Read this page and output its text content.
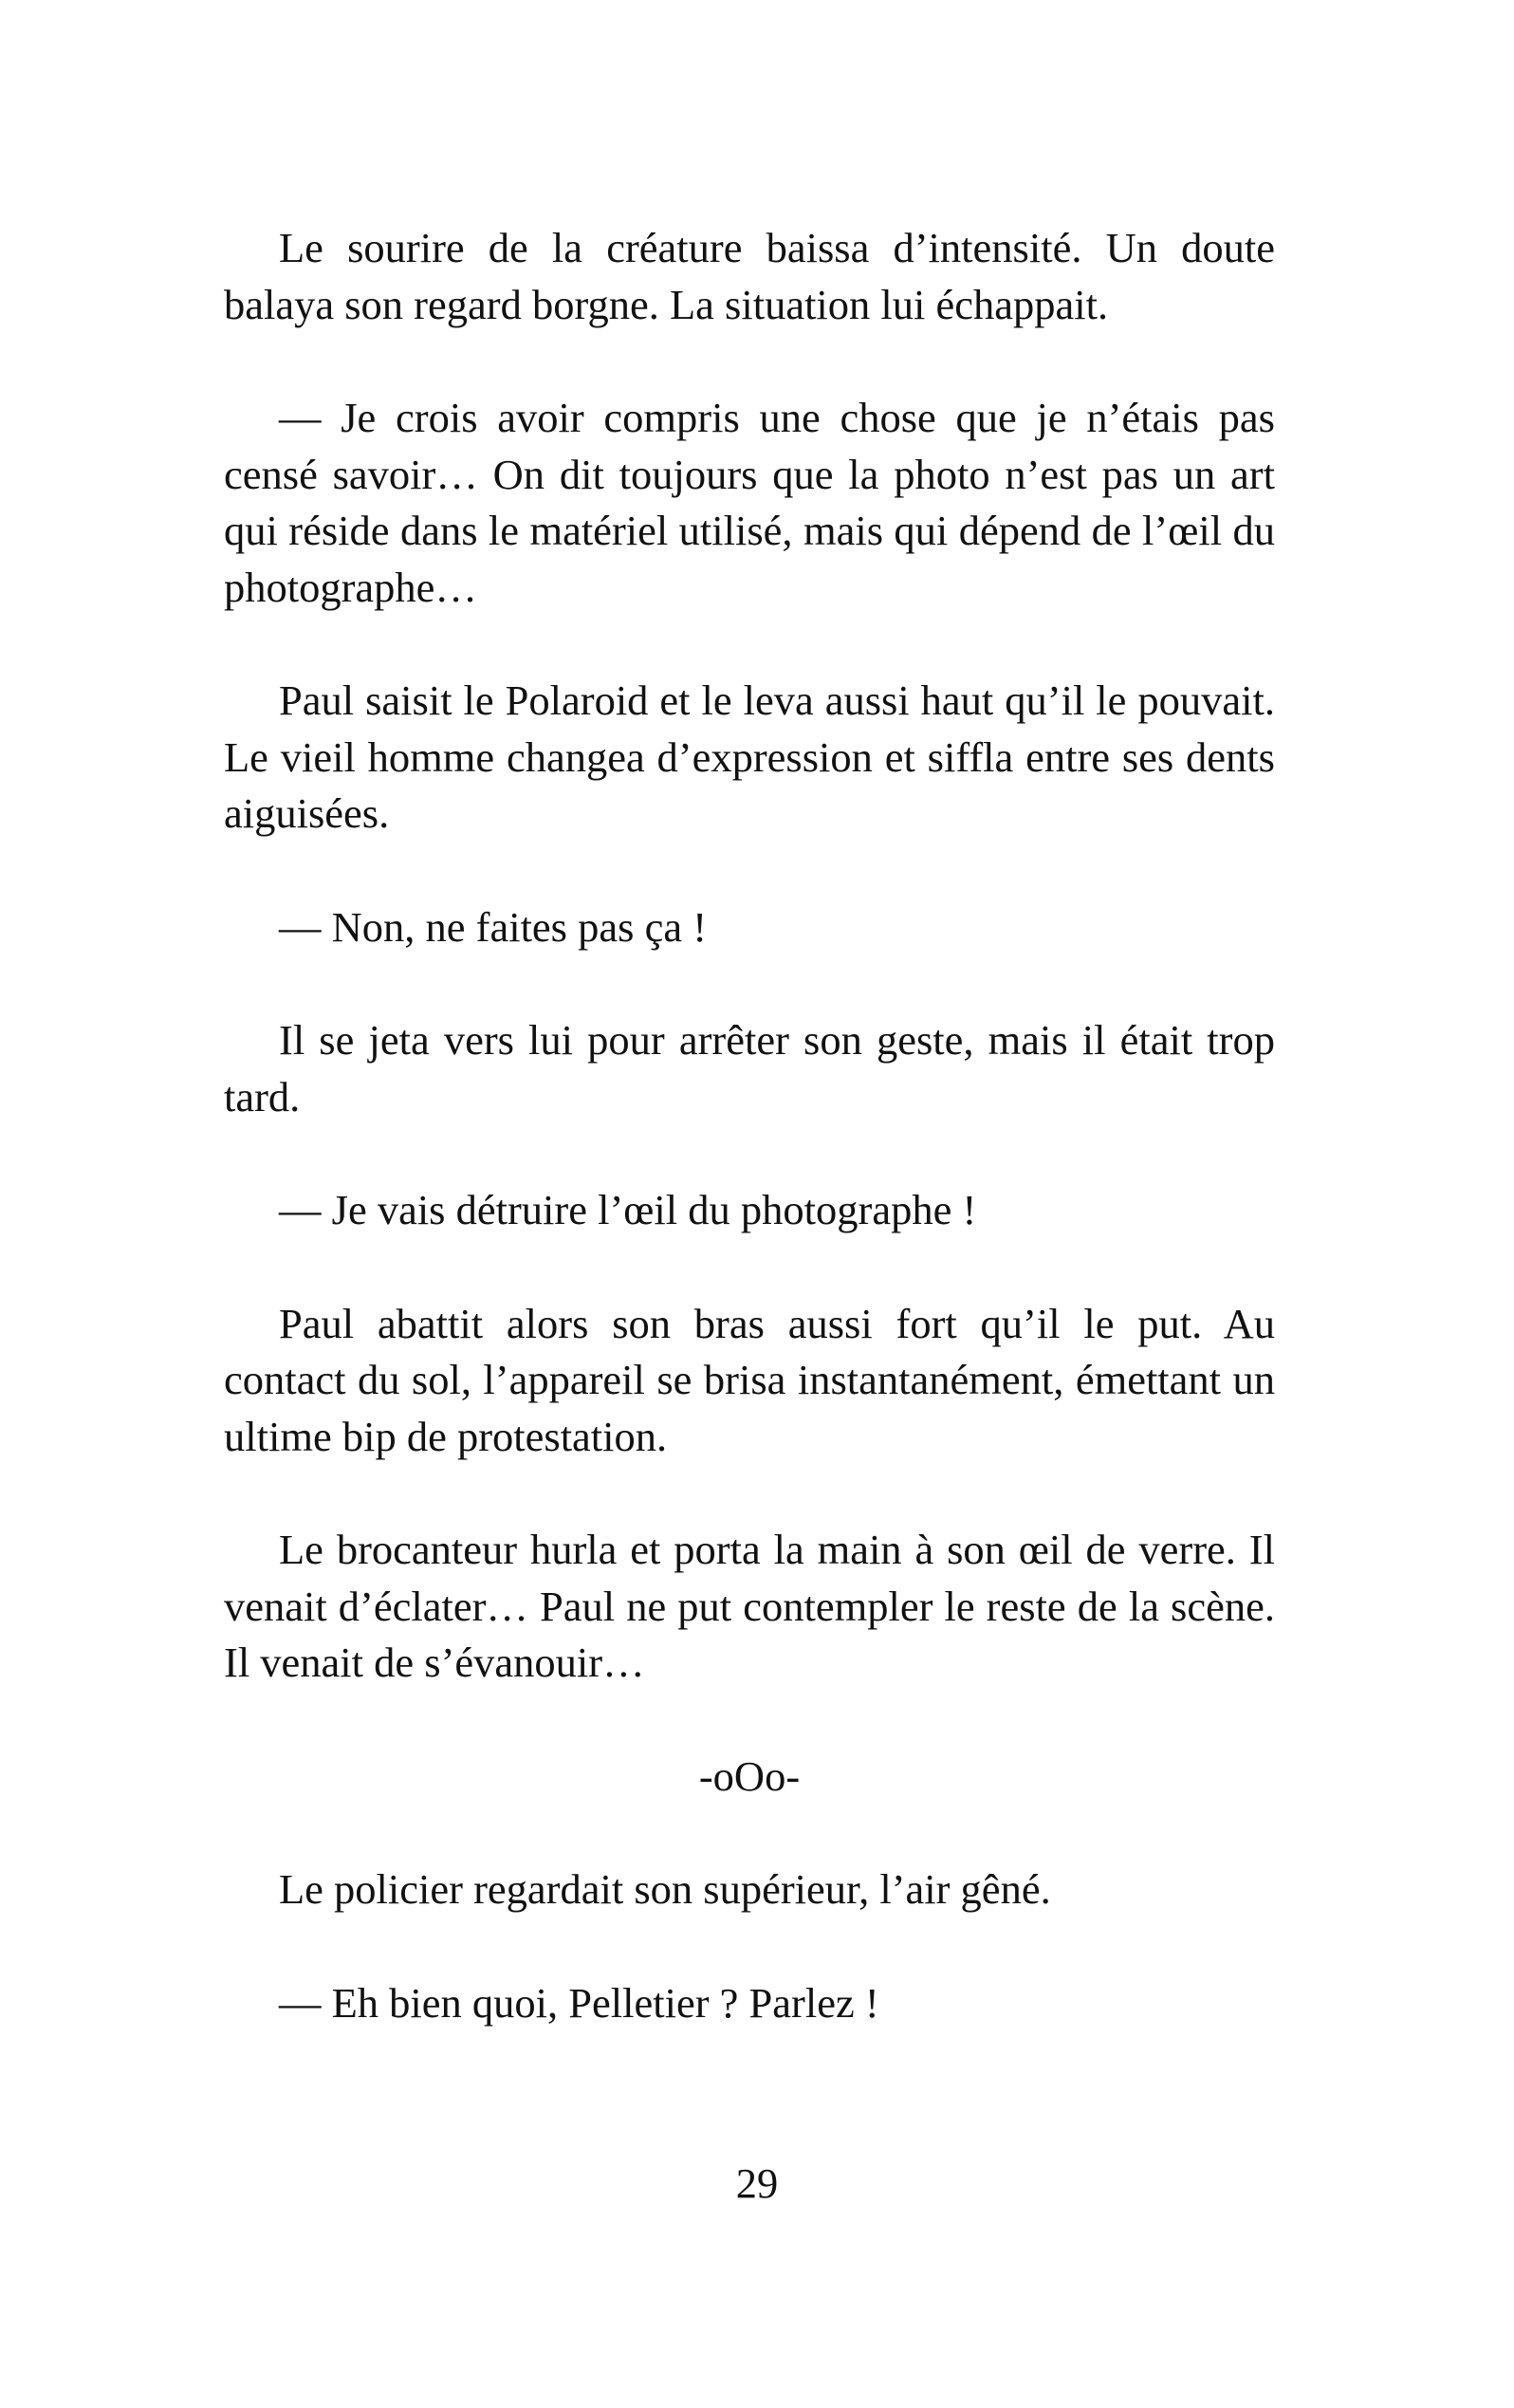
Le sourire de la créature baissa d’intensité. Un doute balaya son regard borgne. La situation lui échappait.

— Je crois avoir compris une chose que je n’étais pas censé savoir… On dit toujours que la photo n’est pas un art qui réside dans le matériel utilisé, mais qui dépend de l’œil du photographe…

Paul saisit le Polaroid et le leva aussi haut qu’il le pouvait. Le vieil homme changea d’expression et siffla entre ses dents aiguisées.

— Non, ne faites pas ça !

Il se jeta vers lui pour arrêter son geste, mais il était trop tard.

— Je vais détruire l’œil du photographe !

Paul abattit alors son bras aussi fort qu’il le put. Au contact du sol, l’appareil se brisa instantanément, émettant un ultime bip de protestation.

Le brocanteur hurla et porta la main à son œil de verre. Il venait d’éclater… Paul ne put contempler le reste de la scène. Il venait de s’évanouir…

-oOo-

Le policier regardait son supérieur, l’air gêné.

— Eh bien quoi, Pelletier ? Parlez !

29
